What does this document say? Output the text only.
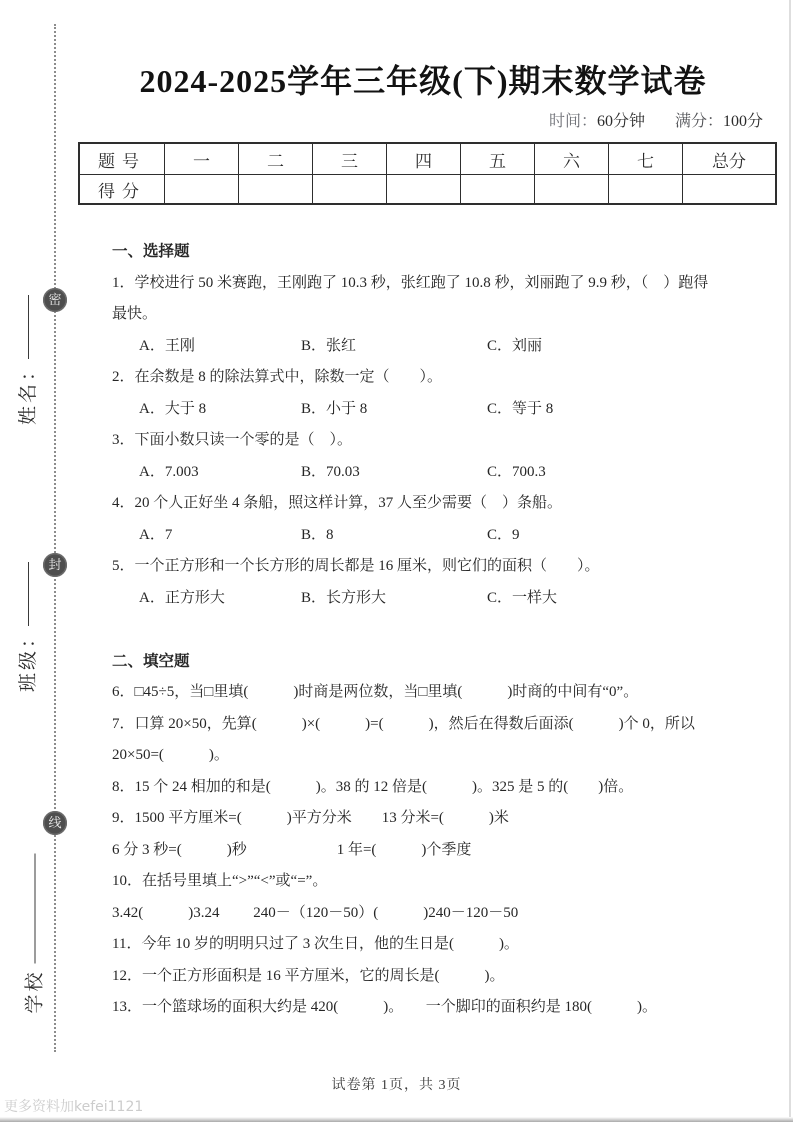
密
封
线
姓名：
班级：
学校
2024-2025学年三年级(下)期末数学试卷
时间：60分钟 满分：100分
题号	一	二	三	四	五	六	七	总分
得分								

一、选择题

1．学校进行 50 米赛跑，王刚跑了 10.3 秒，张红跑了 10.8 秒，刘丽跑了 9.9 秒，（　）跑得

最快。

A．王刚	B．张红	C．刘丽

2．在余数是 8 的除法算式中，除数一定（　　）。

A．大于 8	B．小于 8	C．等于 8

3．下面小数只读一个零的是（　）。

A．7.003	B．70.03	C．700.3

4．20 个人正好坐 4 条船，照这样计算，37 人至少需要（　）条船。

A．7	B．8	C．9

5．一个正方形和一个长方形的周长都是 16 厘米，则它们的面积（　　）。

A．正方形大	B．长方形大	C．一样大

二、填空题

6．□45÷5，当□里填(　　　)时商是两位数，当□里填(　　　)时商的中间有“0”。

7．口算 20×50，先算(　　　)×(　　　)=(　　　)，然后在得数后面添(　　　)个 0，所以

20×50=(　　　)。

8．15 个 24 相加的和是(　　　)。38 的 12 倍是(　　　)。325 是 5 的(　　)倍。

9．1500 平方厘米=(　　　)平方分米　　13 分米=(　　　)米

6 分 3 秒=(　　　)秒　　　　　　1 年=(　　　)个季度

10．在括号里填上“>”“<”或“=”。

3.42(　　　)3.24　　 240－（120－50）(　　　)240－120－50

11．今年 10 岁的明明只过了 3 次生日，他的生日是(　　　)。

12．一个正方形面积是 16 平方厘米，它的周长是(　　　)。

13．一个篮球场的面积大约是 420(　　　)。　　一个脚印的面积约是 180(　　　)。

试卷第 1页，共 3页
更多资料加kefei1121
